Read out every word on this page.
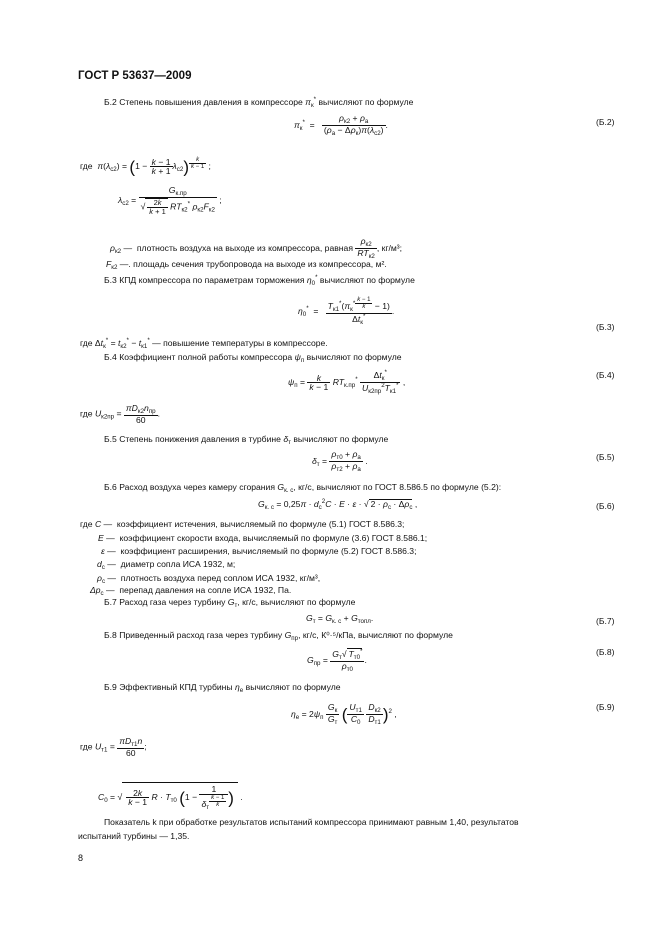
ГОСТ Р 53637—2009
Б.2 Степень повышения давления в компрессоре $\pi_к^*$ вычисляют по формуле
$\pi_к^* = \frac{\rho_{к2} + \rho_а}{(\rho_а - \Delta\rho_к)\pi(\lambda_{с2})}$ .	(Б.2)
где $\pi(\lambda_{с2}) = (1 - \frac{k - 1}{k + 1} \lambda_{с2})$ $^{\frac{k}{k - 1}}$ ;
$\lambda_{с2} = \frac{G_{к.пр}}{√ \frac{2k}{k + 1} RT_{к2}^* \rho_{к2}F_{к2}}$ ;
$\rho_{к2}$ — плотность воздуха на выходе из компрессора, равная $\frac{\rho_{к2}}{RT_{к2}}$ , кг/м³;
$F_{к2}$ —. площадь сечения трубопровода на выходе из компрессора, м².
Б.3 КПД компрессора по параметрам торможения $\eta_0^*$ вычисляют по формуле
$\eta_0^* = T_{к1}^*(\pi_к^*$ $^{\frac{k - 1}{k}}$ − 1)
$\Delta t_к^*$ .
(Б.3)
где $\Delta t_к^* = t_{к2}^* - t_{к1}^*$ — повышение температуры в компрессоре.
Б.4 Коэффициент полной работы компрессора $\psi_п$ вычисляют по формуле
$\psi_п = \frac{k}{k - 1} RT_{к.пр}^* \frac{\Delta t_к^*}{U_{к2пр}^2T_{к1}^*}$ ,
(Б.4)
где $U_{к2пр} = \frac{\pi D_{к2}n_{пр}}{60}$ .
Б.5 Степень понижения давления в турбине $\delta_т$ вычисляют по формуле
$\delta_т = \frac{\rho_{т0} + \rho_а}{\rho_{т2} + \rho_а}$ .	(Б.5)
Б.6 Расход воздуха через камеру сгорания $G_{к. с}$, кг/с, вычисляют по ГОСТ 8.586.5 по формуле (5.2):
$G_{к. с} = 0,25\pi \cdot d_с^2C \cdot E \cdot \varepsilon$ · √ $2 \cdot \rho_с \cdot \Delta\rho_с$ ,	(Б.6)
где C —  коэффициент истечения, вычисляемый по формуле (5.1) ГОСТ 8.586.3;
E —  коэффициент скорости входа, вычисляемый по формуле (3.6) ГОСТ 8.586.1;
ε —  коэффициент расширения, вычисляемый по формуле (5.2) ГОСТ 8.586.3;
$d_с$ —  диаметр сопла ИСА 1932, м;
$\rho_с$ —  плотность воздуха перед соплом ИСА 1932, кг/м³,
$\Delta p_с$ —  перепад давления на сопле ИСА 1932, Па.
Б.7 Расход газа через турбину $G_т$, кг/с, вычисляют по формуле
$G_т = G_{к. с} + G_{топл}$.	(Б.7)
Б.8 Приведенный расход газа через турбину $G_{пр}$, кг/с, К⁰·⁵/кПа, вычисляют по формуле
$G_{пр} = \frac{G_т√ T_{т0}^*}{\rho_{т0}}$ .
(Б.8)
Б.9 Эффективный КПД турбины $\eta_е$ вычисляют по формуле
$\eta_е = 2\psi_п \frac{G_к}{G_т}$ ( $\frac{U_{т1}}{C_0}$
$\frac{D_{к2}}{D_{т1}} )^2$ ,
(Б.9)
где $U_{т1} = \frac{\pi D_{т1}n}{60}$ ;
$C_0$ = √ $\frac{2k}{k - 1}$ $R \cdot T_{т0}$ (1 − 1
$\delta_т$ $^{\frac{k - 1}{k}}$ ) .
Показатель k при обработке результатов испытаний компрессора принимают равным 1,40, результатов
испытаний турбины — 1,35.
8
